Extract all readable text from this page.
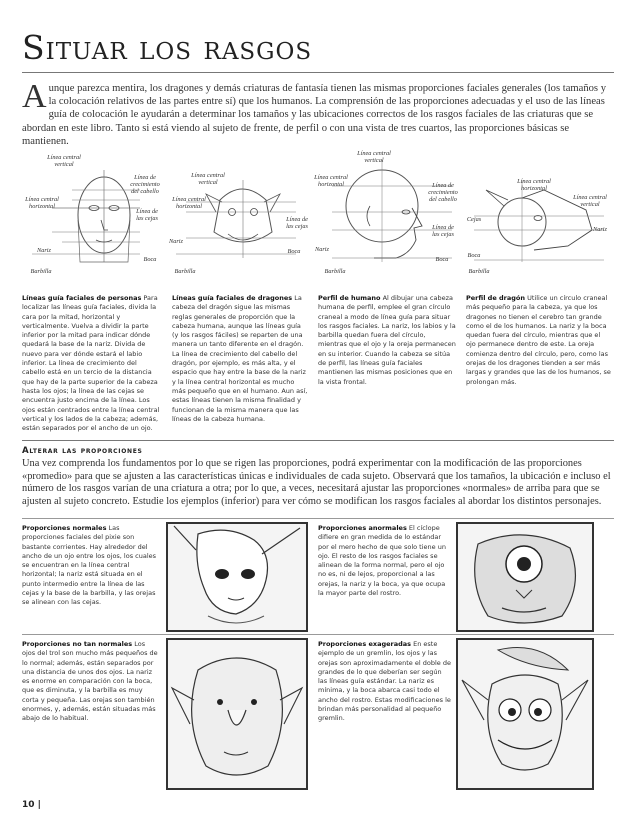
Situar los rasgos
Aunque parezca mentira, los dragones y demás criaturas de fantasía tienen las mismas proporciones faciales generales (los tamaños y la colocación relativos de las partes entre sí) que los humanos. La comprensión de las proporciones adecuadas y el uso de las líneas guía de colocación le ayudarán a determinar los tamaños y las ubicaciones correctos de los rasgos faciales de las criaturas que se abordan en este libro. Tanto si está viendo al sujeto de frente, de perfil o con una vista de tres cuartos, las proporciones básicas se mantienen.
Línea central vertical
Línea de crecimiento del cabello
Línea central horizontal
Línea de las cejas
Nariz
Boca
Barbilla
Línea central vertical
Línea central horizontal
Línea de las cejas
Nariz
Boca
Barbilla
Línea central vertical
Línea central horizontal	Línea de crecimiento del cabello
Línea de las cejas
Nariz
Boca
Barbilla
Línea central horizontal
Línea central vertical
Cejas
Nariz
Boca
Barbilla
Líneas guía faciales de personas Para localizar las líneas guía faciales, divida la cara por la mitad, horizontal y verticalmente. Vuelva a dividir la parte inferior por la mitad para indicar dónde quedará la base de la nariz. Divida de nuevo para ver dónde estará el labio inferior. La línea de crecimiento del cabello está en un tercio de la distancia que hay de la parte superior de la cabeza hasta los ojos; la línea de las cejas se encuentra justo encima de la línea. Los ojos están centrados entre la línea central vertical y los lados de la cabeza; además, están separados por el ancho de un ojo.
Líneas guía faciales de dragones La cabeza del dragón sigue las mismas reglas generales de proporción que la cabeza humana, aunque las líneas guía (y los rasgos fáciles) se reparten de una manera un tanto diferente en el dragón. La línea de crecimiento del cabello del dragón, por ejemplo, es más alta, y el espacio que hay entre la base de la nariz y la línea central horizontal es mucho más pequeño que en el humano. Aun así, estas líneas tienen la misma finalidad y funcionan de la misma manera que las líneas de la cabeza humana.
Perfil de humano Al dibujar una cabeza humana de perfil, emplee el gran círculo craneal a modo de línea guía para situar los rasgos faciales. La nariz, los labios y la barbilla quedan fuera del círculo, mientras que el ojo y la oreja permanecen en su interior. Cuando la cabeza se sitúa de perfil, las líneas guía faciales mantienen las mismas posiciones que en la vista frontal.
Perfil de dragón Utilice un círculo craneal más pequeño para la cabeza, ya que los dragones no tienen el cerebro tan grande como el de los humanos. La nariz y la boca quedan fuera del círculo, mientras que el ojo permanece dentro de este. La oreja comienza dentro del círculo, pero, como las orejas de los dragones tienden a ser más largas y grandes que las de los humanos, se prolongan más.
Alterar las proporciones
Una vez comprenda los fundamentos por lo que se rigen las proporciones, podrá experimentar con la modificación de las proporciones «promedio» para que se ajusten a las características únicas e individuales de cada sujeto. Observará que los tamaños, la ubicación e incluso el número de los rasgos varían de una criatura a otra; por lo que, a veces, necesitará ajustar las proporciones «normales» de arriba para que se ajusten al sujeto concreto. Estudie los ejemplos (inferior) para ver cómo se modifican los rasgos faciales al abordar los distintos personajes.
Proporciones normales Las proporciones faciales del pixie son bastante corrientes. Hay alrededor del ancho de un ojo entre los ojos, los cuales se encuentran en la línea central horizontal; la nariz está situada en el punto intermedio entre la línea de las cejas y la base de la barbilla, y las orejas se alinean con las cejas.
Proporciones anormales El cíclope difiere en gran medida de lo estándar por el mero hecho de que solo tiene un ojo. El resto de los rasgos faciales se alinean de la forma normal, pero el ojo no es, ni de lejos, proporcional a las orejas, la nariz y la boca, ya que ocupa la mayor parte del rostro.
Proporciones no tan normales Los ojos del trol son mucho más pequeños de lo normal; además, están separados por una distancia de unos dos ojos. La nariz es enorme en comparación con la boca, que es diminuta, y la barbilla es muy corta y pequeña. Las orejas son también enormes, y, además, están situadas más abajo de lo habitual.
Proporciones exageradas En este ejemplo de un gremlin, los ojos y las orejas son aproximadamente el doble de grandes de lo que deberían ser según las líneas guía estándar. La nariz es mínima, y la boca abarca casi todo el ancho del rostro. Estas modificaciones le brindan más personalidad al pequeño gremlin.
10 |
